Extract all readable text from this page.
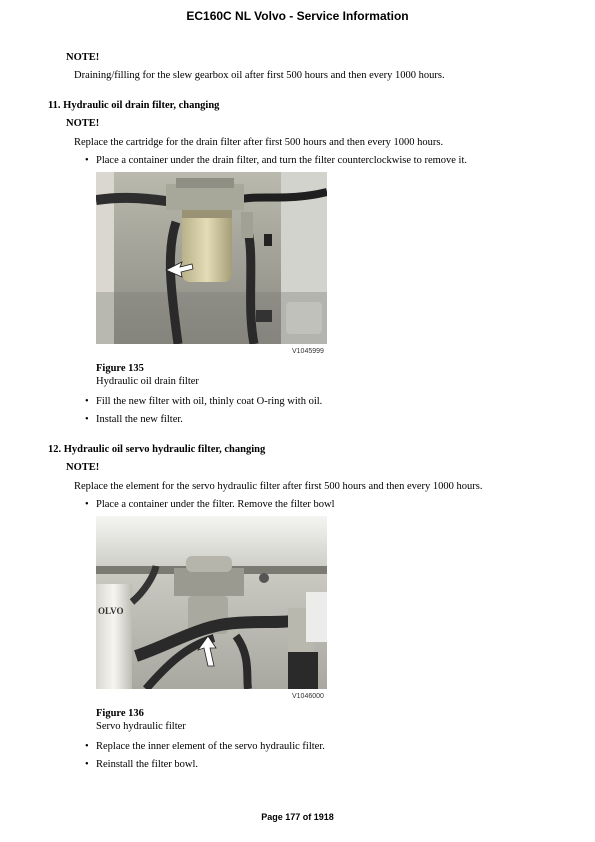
EC160C NL Volvo - Service Information
NOTE!
Draining/filling for the slew gearbox oil after first 500 hours and then every 1000 hours.
11. Hydraulic oil drain filter, changing
NOTE!
Replace the cartridge for the drain filter after first 500 hours and then every 1000 hours.
• Place a container under the drain filter, and turn the filter counterclockwise to remove it.
V1045999
Figure 135
Hydraulic oil drain filter
• Fill the new filter with oil, thinly coat O-ring with oil.
• Install the new filter.
12. Hydraulic oil servo hydraulic filter, changing
NOTE!
Replace the element for the servo hydraulic filter after first 500 hours and then every 1000 hours.
• Place a container under the filter. Remove the filter bowl
OLVO
V1046000
Figure 136
Servo hydraulic filter
• Replace the inner element of the servo hydraulic filter.
• Reinstall the filter bowl.
Page 177 of 1918
